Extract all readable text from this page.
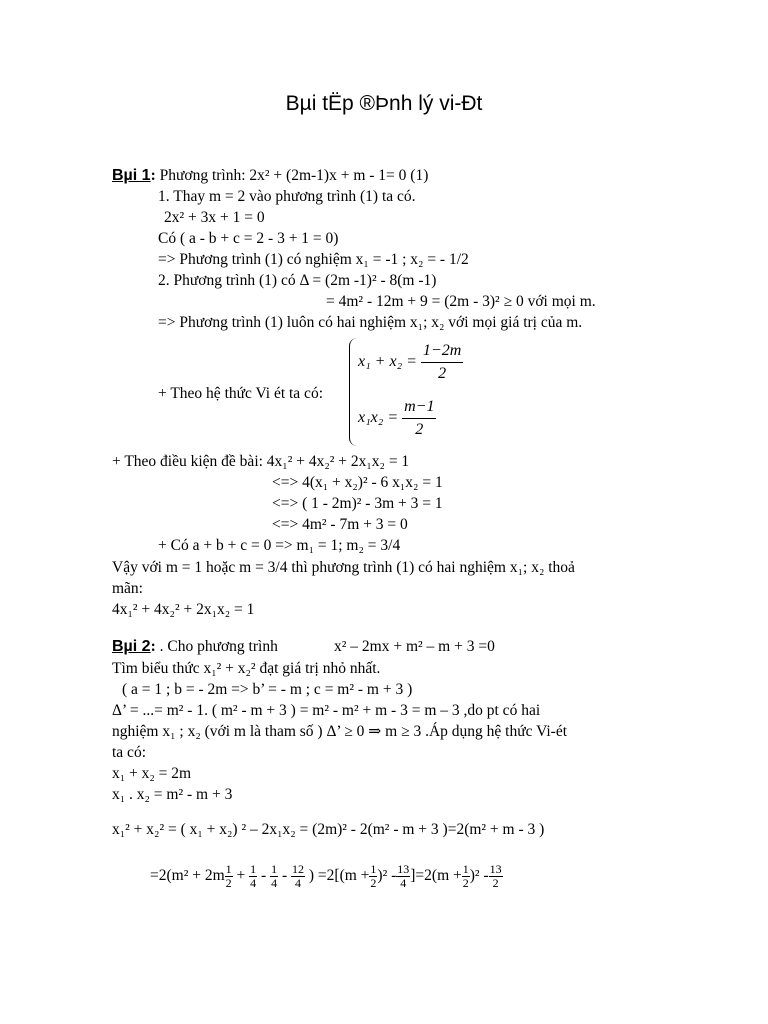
Bµi tËp ®Þnh lý vi-Ðt
Bµi 1: Phương trình: 2x² + (2m-1)x + m - 1= 0 (1)
1. Thay m = 2 vào phương trình (1) ta có.
2x² + 3x + 1 = 0
Có ( a - b + c = 2 - 3 + 1 = 0)
=> Phương trình (1) có nghiệm x₁ = -1 ; x₂ = - 1/2
2. Phương trình (1) có Δ = (2m -1)² - 8(m -1)
= 4m² - 12m + 9 = (2m - 3)² ≥ 0 với mọi m.
=> Phương trình (1) luôn có hai nghiệm x₁; x₂ với mọi giá trị của m.
+ Theo hệ thức Vi ét ta có:
$x_1 + x_2 = \frac{1-2m}{2}$
$x_1x_2 = \frac{m-1}{2}$
+ Theo điều kiện đề bài: 4x₁² + 4x₂² + 2x₁x₂ = 1
<=> 4(x₁ + x₂)² - 6 x₁x₂ = 1
<=> ( 1 - 2m)² - 3m + 3 = 1
<=> 4m² - 7m + 3 = 0
+ Có a + b + c = 0 => m₁ = 1; m₂ = 3/4
Vậy với m = 1 hoặc m = 3/4 thì phương trình (1) có hai nghiệm x₁; x₂ thoả
mãn:
4x₁² + 4x₂² + 2x₁x₂ = 1
Bµi 2: . Cho phương trình	x² – 2mx + m² – m + 3 =0
Tìm biểu thức x₁² + x₂² đạt giá trị nhỏ nhất.
( a = 1 ; b = - 2m => b’ = - m ; c = m² - m + 3 )
Δ’ = ...= m² - 1. ( m² - m + 3 ) = m² - m² + m - 3 = m – 3 ,do pt có hai
nghiệm x₁ ; x₂ (với m là tham số ) Δ’ ≥ 0 ⇒ m ≥ 3 .Áp dụng hệ thức Vi-ét
ta có:
x₁ + x₂ = 2m
x₁ . x₂ = m² - m + 3
x₁² + x₂² = ( x₁ + x₂) ² – 2x₁x₂ = (2m)² - 2(m² - m + 3 )=2(m² + m - 3 )
$=2(m^2 + 2m \frac{1}{2} + \frac{1}{4} - \frac{1}{4} - \frac{12}{4}$ ) $=2[(m + \frac{1}{2} )^2 - \frac{13}{4} ]=2(m + \frac{1}{2} )^2 - \frac{13}{2}$
